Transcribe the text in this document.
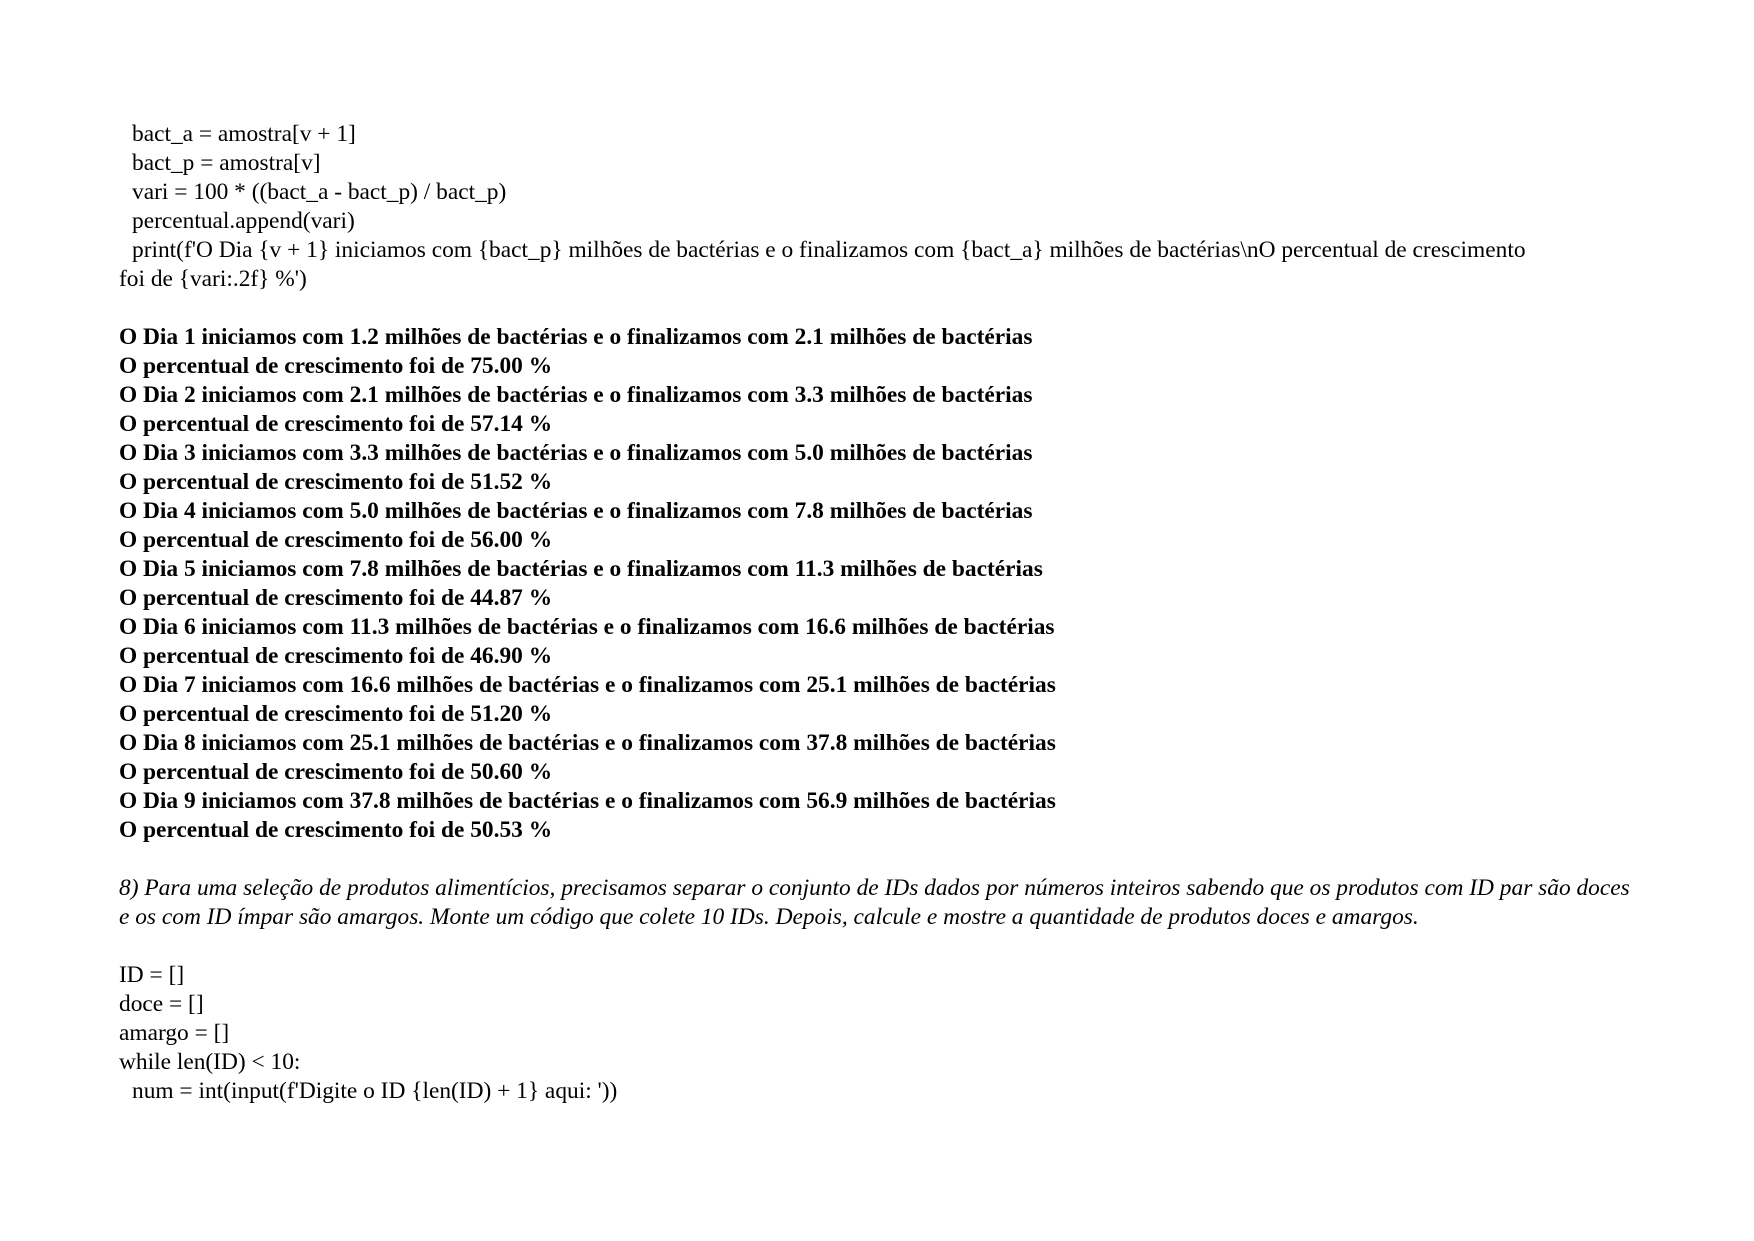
bact_a = amostra[v + 1]
bact_p = amostra[v]
vari = 100 * ((bact_a - bact_p) / bact_p)
percentual.append(vari)
print(f'O Dia {v + 1} iniciamos com {bact_p} milhões de bactérias e o finalizamos com {bact_a} milhões de bactérias\nO percentual de crescimento
foi de {vari:.2f} %')
O Dia 1 iniciamos com 1.2 milhões de bactérias e o finalizamos com 2.1 milhões de bactérias
O percentual de crescimento foi de 75.00 %
O Dia 2 iniciamos com 2.1 milhões de bactérias e o finalizamos com 3.3 milhões de bactérias
O percentual de crescimento foi de 57.14 %
O Dia 3 iniciamos com 3.3 milhões de bactérias e o finalizamos com 5.0 milhões de bactérias
O percentual de crescimento foi de 51.52 %
O Dia 4 iniciamos com 5.0 milhões de bactérias e o finalizamos com 7.8 milhões de bactérias
O percentual de crescimento foi de 56.00 %
O Dia 5 iniciamos com 7.8 milhões de bactérias e o finalizamos com 11.3 milhões de bactérias
O percentual de crescimento foi de 44.87 %
O Dia 6 iniciamos com 11.3 milhões de bactérias e o finalizamos com 16.6 milhões de bactérias
O percentual de crescimento foi de 46.90 %
O Dia 7 iniciamos com 16.6 milhões de bactérias e o finalizamos com 25.1 milhões de bactérias
O percentual de crescimento foi de 51.20 %
O Dia 8 iniciamos com 25.1 milhões de bactérias e o finalizamos com 37.8 milhões de bactérias
O percentual de crescimento foi de 50.60 %
O Dia 9 iniciamos com 37.8 milhões de bactérias e o finalizamos com 56.9 milhões de bactérias
O percentual de crescimento foi de 50.53 %

8) Para uma seleção de produtos alimentícios, precisamos separar o conjunto de IDs dados por números inteiros sabendo que os produtos com ID par são doces e os com ID ímpar são amargos. Monte um código que colete 10 IDs. Depois, calcule e mostre a quantidade de produtos doces e amargos.

ID = []
doce = []
amargo = []
while len(ID) < 10:
num = int(input(f'Digite o ID {len(ID) + 1} aqui: '))
